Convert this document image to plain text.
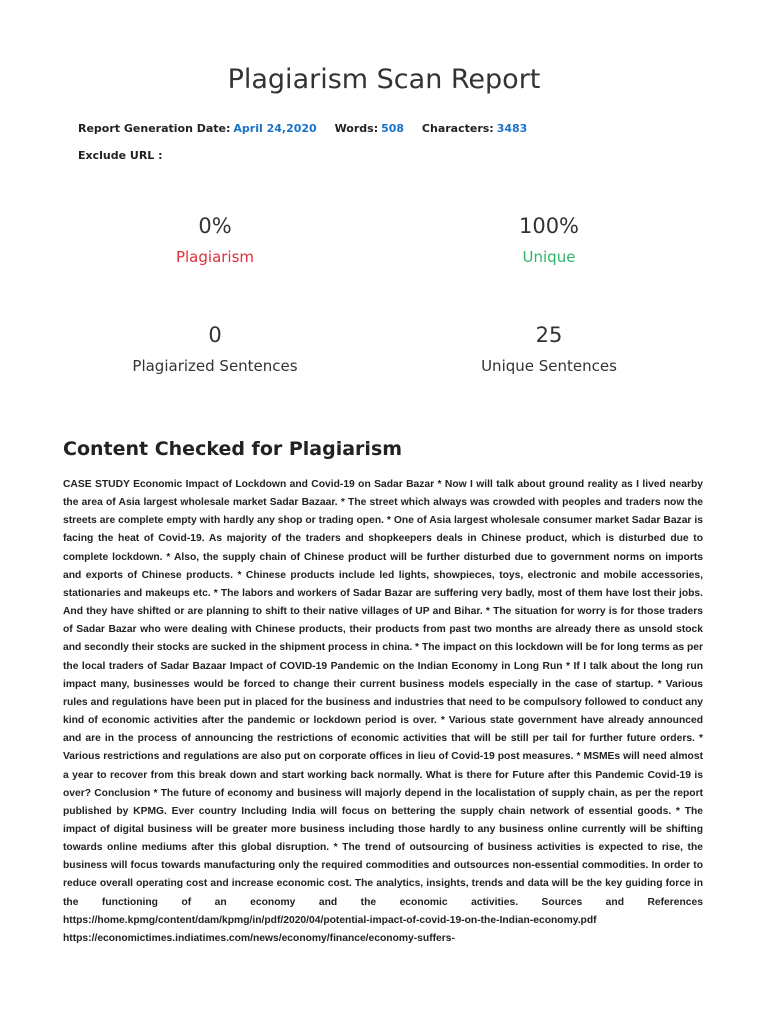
Plagiarism Scan Report
Report Generation Date: April 24,2020 Words: 508 Characters: 3483
Exclude URL :
0%
Plagiarism
100%
Unique
0
Plagiarized Sentences
25
Unique Sentences
Content Checked for Plagiarism

CASE STUDY Economic Impact of Lockdown and Covid-19 on Sadar Bazar * Now I will talk about ground reality as I lived nearby the area of Asia largest wholesale market Sadar Bazaar. * The street which always was crowded with peoples and traders now the streets are complete empty with hardly any shop or trading open. * One of Asia largest wholesale consumer market Sadar Bazar is facing the heat of Covid-19. As majority of the traders and shopkeepers deals in Chinese product, which is disturbed due to complete lockdown. * Also, the supply chain of Chinese product will be further disturbed due to government norms on imports and exports of Chinese products. * Chinese products include led lights, showpieces, toys, electronic and mobile accessories, stationaries and makeups etc. * The labors and workers of Sadar Bazar are suffering very badly, most of them have lost their jobs. And they have shifted or are planning to shift to their native villages of UP and Bihar. * The situation for worry is for those traders of Sadar Bazar who were dealing with Chinese products, their products from past two months are already there as unsold stock and secondly their stocks are sucked in the shipment process in china. * The impact on this lockdown will be for long terms as per the local traders of Sadar Bazaar Impact of COVID-19 Pandemic on the Indian Economy in Long Run * If I talk about the long run impact many, businesses would be forced to change their current business models especially in the case of startup. * Various rules and regulations have been put in placed for the business and industries that need to be compulsory followed to conduct any kind of economic activities after the pandemic or lockdown period is over. * Various state government have already announced and are in the process of announcing the restrictions of economic activities that will be still per tail for further future orders. * Various restrictions and regulations are also put on corporate offices in lieu of Covid-19 post measures. * MSMEs will need almost a year to recover from this break down and start working back normally. What is there for Future after this Pandemic Covid-19 is over? Conclusion * The future of economy and business will majorly depend in the localistation of supply chain, as per the report published by KPMG. Ever country Including India will focus on bettering the supply chain network of essential goods. * The impact of digital business will be greater more business including those hardly to any business online currently will be shifting towards online mediums after this global disruption. * The trend of outsourcing of business activities is expected to rise, the business will focus towards manufacturing only the required commodities and outsources non-essential commodities. In order to reduce overall operating cost and increase economic cost. The analytics, insights, trends and data will be the key guiding force in the functioning of an economy and the economic activities. Sources and References https://home.kpmg/content/dam/kpmg/in/pdf/2020/04/potential-impact-of-covid-19-on-the-Indian-economy.pdf https://economictimes.indiatimes.com/news/economy/finance/economy-suffers-
